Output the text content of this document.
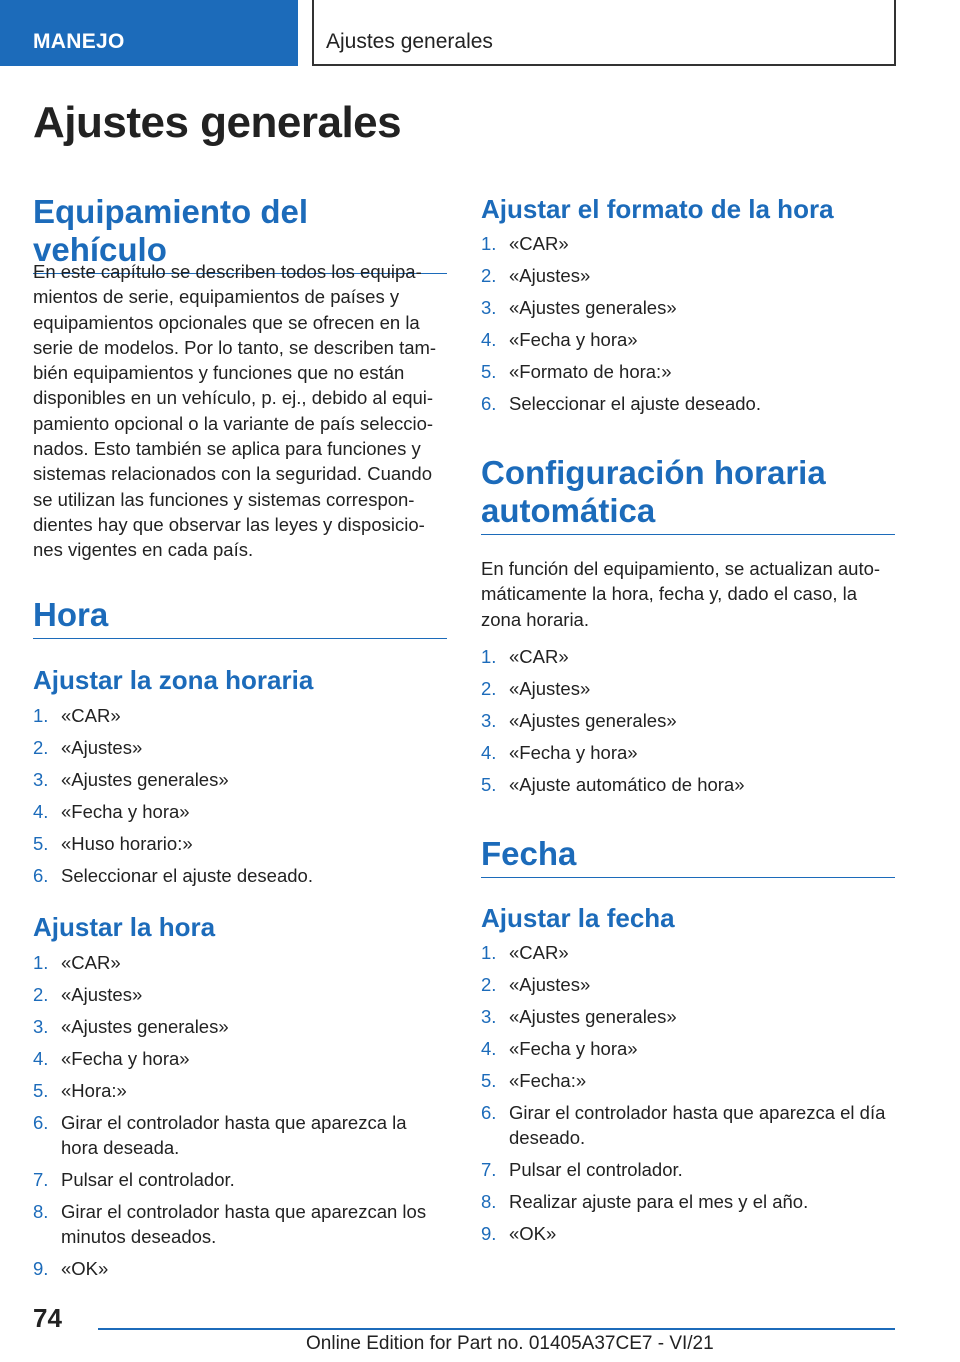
MANEJO	Ajustes generales
Ajustes generales
Equipamiento del vehículo
En este capítulo se describen todos los equipa-
mientos de serie, equipamientos de países y
equipamientos opcionales que se ofrecen en la
serie de modelos. Por lo tanto, se describen tam-
bién equipamientos y funciones que no están
disponibles en un vehículo, p. ej., debido al equi-
pamiento opcional o la variante de país seleccio-
nados. Esto también se aplica para funciones y
sistemas relacionados con la seguridad. Cuando
se utilizan las funciones y sistemas correspon-
dientes hay que observar las leyes y disposicio-
nes vigentes en cada país.
Hora
Ajustar la zona horaria
1. «CAR»
2. «Ajustes»
3. «Ajustes generales»
4. «Fecha y hora»
5. «Huso horario:»
6. Seleccionar el ajuste deseado.
Ajustar la hora
1. «CAR»
2. «Ajustes»
3. «Ajustes generales»
4. «Fecha y hora»
5. «Hora:»
6. Girar el controlador hasta que aparezca la
hora deseada.
7. Pulsar el controlador.
8. Girar el controlador hasta que aparezcan los
minutos deseados.
9. «OK»
Ajustar el formato de la hora
1. «CAR»
2. «Ajustes»
3. «Ajustes generales»
4. «Fecha y hora»
5. «Formato de hora:»
6. Seleccionar el ajuste deseado.
Configuración horaria
automática
En función del equipamiento, se actualizan auto-
máticamente la hora, fecha y, dado el caso, la
zona horaria.
1. «CAR»
2. «Ajustes»
3. «Ajustes generales»
4. «Fecha y hora»
5. «Ajuste automático de hora»
Fecha
Ajustar la fecha
1. «CAR»
2. «Ajustes»
3. «Ajustes generales»
4. «Fecha y hora»
5. «Fecha:»
6. Girar el controlador hasta que aparezca el día
deseado.
7. Pulsar el controlador.
8. Realizar ajuste para el mes y el año.
9. «OK»
74
Online Edition for Part no. 01405A37CE7 - VI/21
